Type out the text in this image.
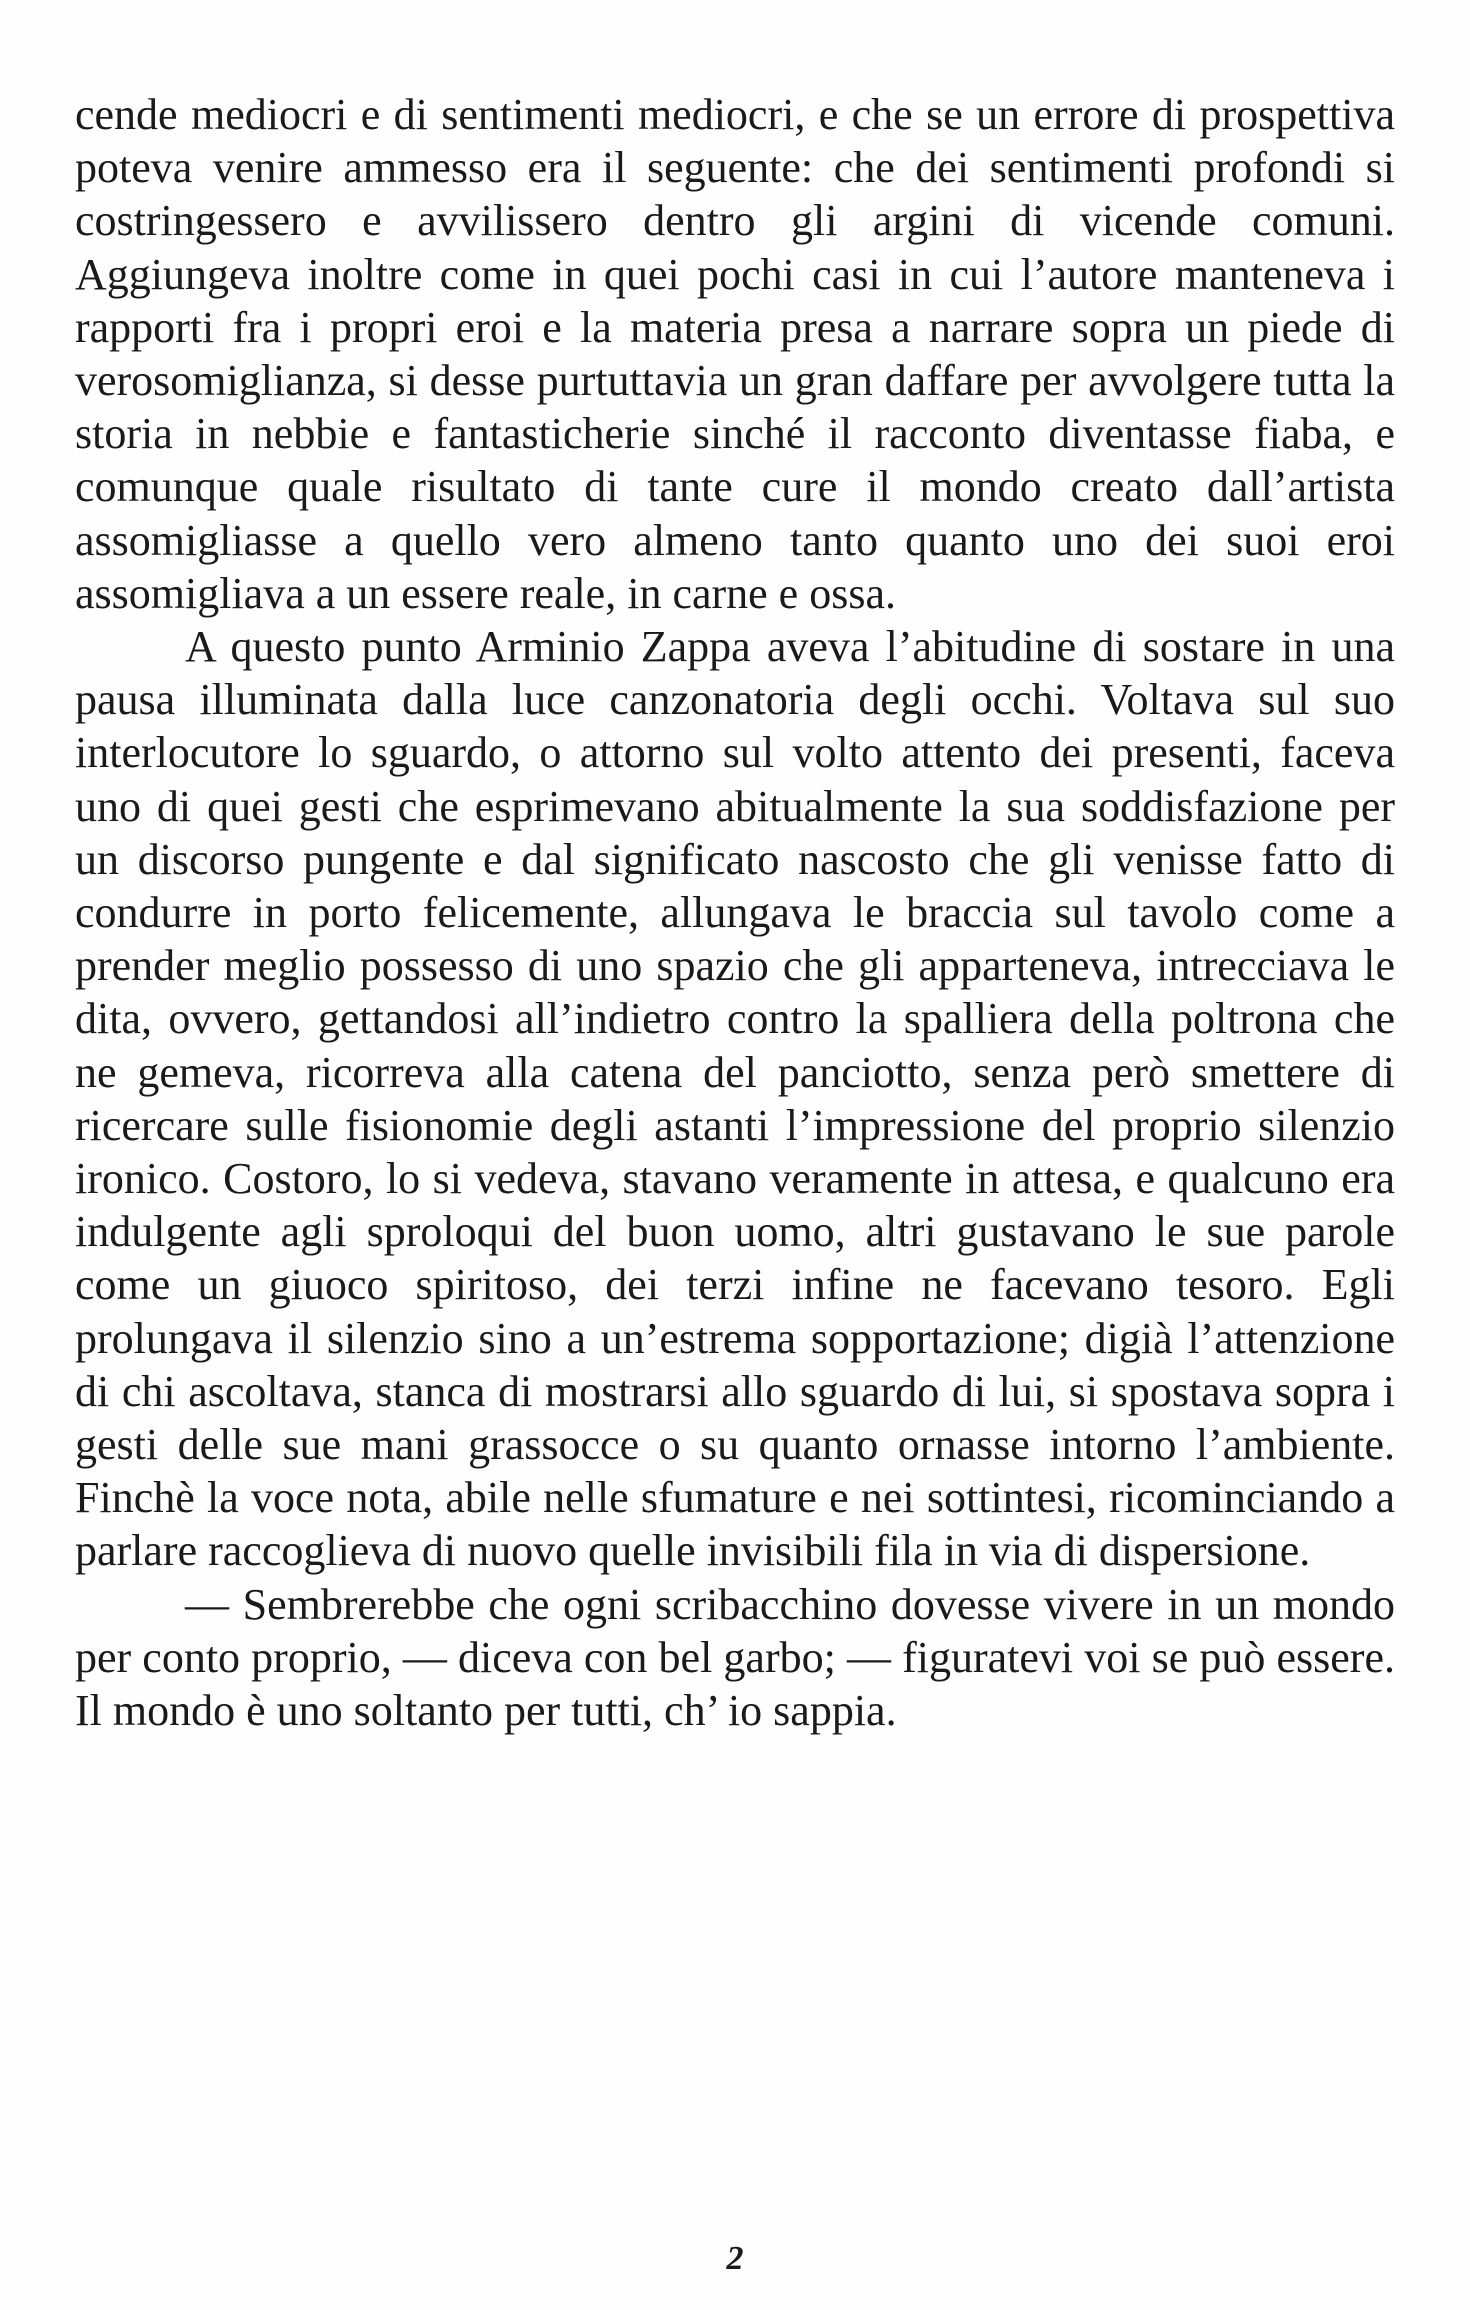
cende mediocri e di sentimenti mediocri, e che se un errore di prospettiva poteva venire ammesso era il seguente: che dei sentimenti profondi si costringessero e avvilissero dentro gli argini di vicende comuni. Aggiungeva inoltre come in quei pochi casi in cui l’autore manteneva i rapporti fra i propri eroi e la materia presa a narrare sopra un piede di verosomiglianza, si desse purtuttavia un gran daffare per avvolgere tutta la storia in nebbie e fantasticherie sinché il racconto diventasse fiaba, e comunque quale risultato di tante cure il mondo creato dall’artista assomigliasse a quello vero almeno tanto quanto uno dei suoi eroi assomigliava a un essere reale, in carne e ossa.

A questo punto Arminio Zappa aveva l’abitudine di sostare in una pausa illuminata dalla luce canzonatoria degli occhi. Voltava sul suo interlocutore lo sguardo, o attorno sul volto attento dei presenti, faceva uno di quei gesti che esprimevano abitualmente la sua soddisfazione per un discorso pungente e dal significato nascosto che gli venisse fatto di condurre in porto felicemente, allungava le braccia sul tavolo come a prender meglio possesso di uno spazio che gli apparteneva, intrecciava le dita, ovvero, gettandosi all’indietro contro la spalliera della poltrona che ne gemeva, ricorreva alla catena del panciotto, senza però smettere di ricercare sulle fisionomie degli astanti l’impressione del proprio silenzio ironico. Costoro, lo si vedeva, stavano veramente in attesa, e qualcuno era indulgente agli sproloqui del buon uomo, altri gustavano le sue parole come un giuoco spiritoso, dei terzi infine ne facevano tesoro. Egli prolungava il silenzio sino a un’estrema sopportazione; digià l’attenzione di chi ascoltava, stanca di mostrarsi allo sguardo di lui, si spostava sopra i gesti delle sue mani grassocce o su quanto ornasse intorno l’ambiente. Finchè la voce nota, abile nelle sfumature e nei sottintesi, ricominciando a parlare raccoglieva di nuovo quelle invisibili fila in via di dispersione.

— Sembrerebbe che ogni scribacchino dovesse vivere in un mondo per conto proprio, — diceva con bel garbo; — figuratevi voi se può essere. Il mondo è uno soltanto per tutti, ch’ io sappia.

2
